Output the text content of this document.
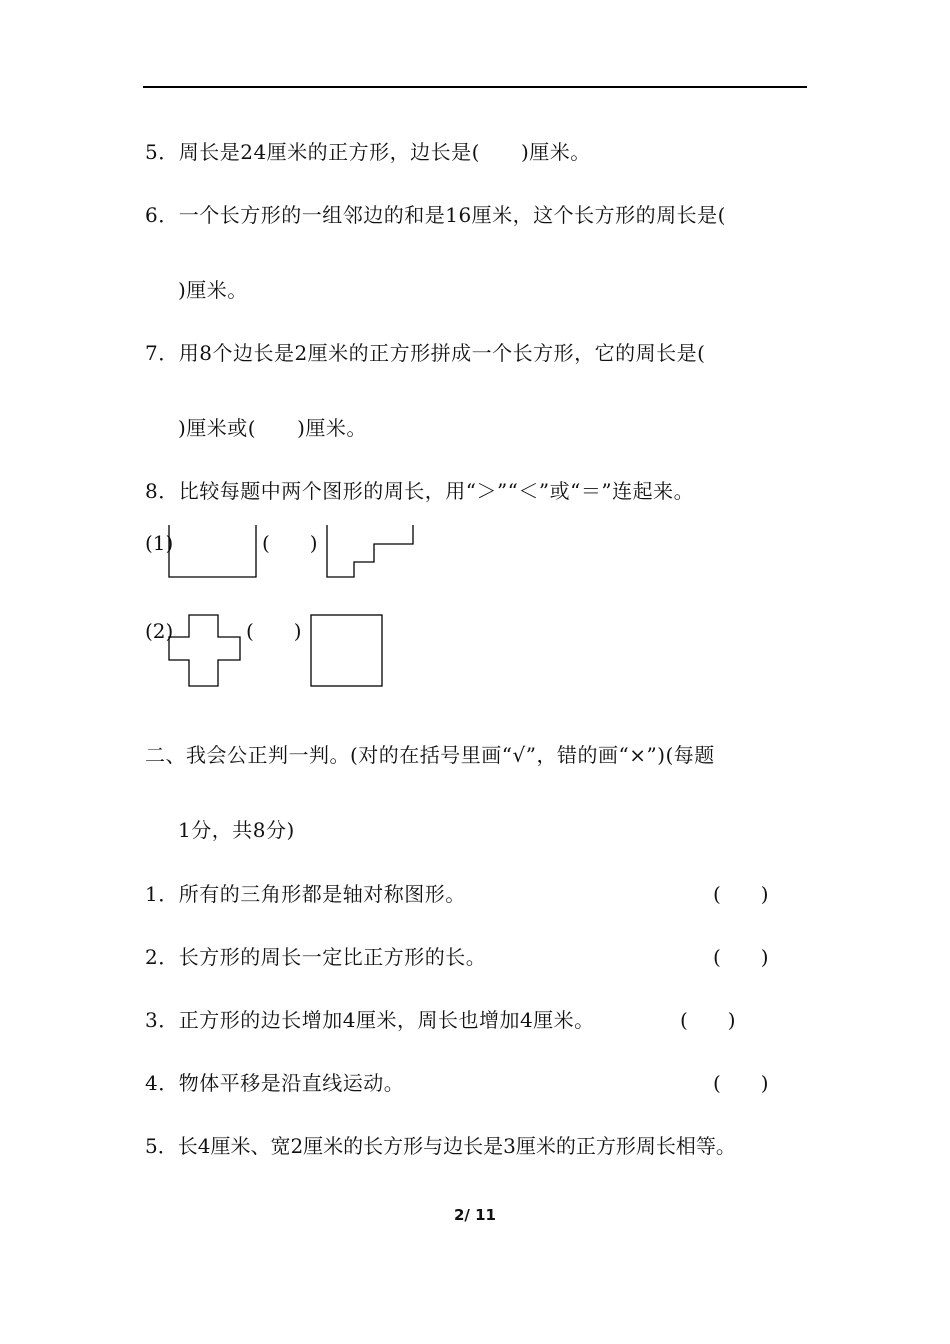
5．周长是24厘米的正方形，边长是(　　)厘米。
6．一个长方形的一组邻边的和是16厘米，这个长方形的周长是(
)厘米。
7．用8个边长是2厘米的正方形拼成一个长方形，它的周长是(
)厘米或(　　)厘米。
8．比较每题中两个图形的周长，用“＞”“＜”或“＝”连起来。
(1)	(　　)
(2)	(　　)
二、我会公正判一判。(对的在括号里画“√”，错的画“×”)(每题
1分，共8分)
1．所有的三角形都是轴对称图形。	(　　)
2．长方形的周长一定比正方形的长。	(　　)
3．正方形的边长增加4厘米，周长也增加4厘米。	(　　)
4．物体平移是沿直线运动。	(　　)
5．长4厘米、宽2厘米的长方形与边长是3厘米的正方形周长相等。
2/ 11
